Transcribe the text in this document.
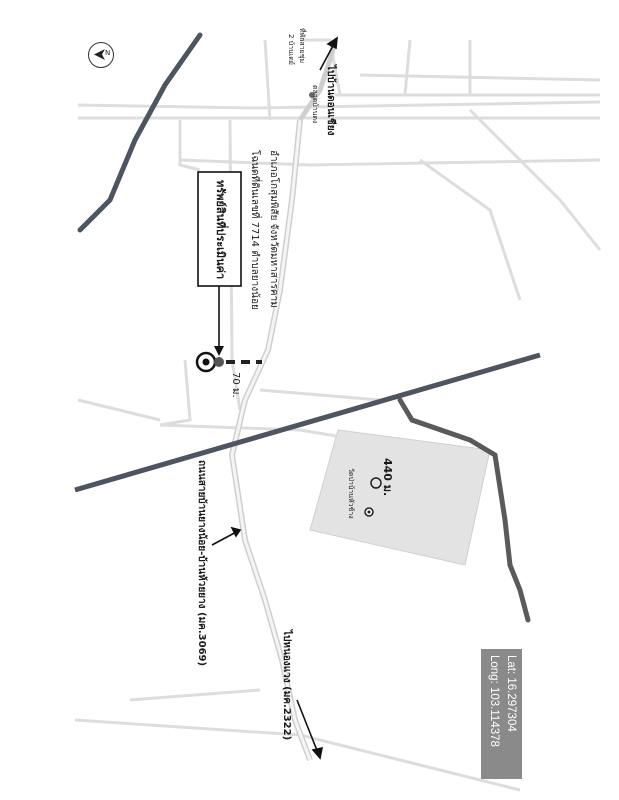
N
ทรัพย์สินที่ประเมินค่า	โฉนดที่ดินเลขที่ 7714 ตำบลยางน้อย อำเภอโกสุมพิสัย จังหวัดมหาสารคาม
70 ม.
440 ม.
วัดป่าบ้านหัวช้าง
ถนนสายบ้านยางน้อย-บ้านห้วยยาง (มค.3069)
ไปหนองแวง (มค.2322)
ไปบ้านดอนเชียง
ตลาดบ้านดง
ที่พักสายชุ่ม
2 บ้านเดย์
Lat: 16.297304
Long: 103.114378
